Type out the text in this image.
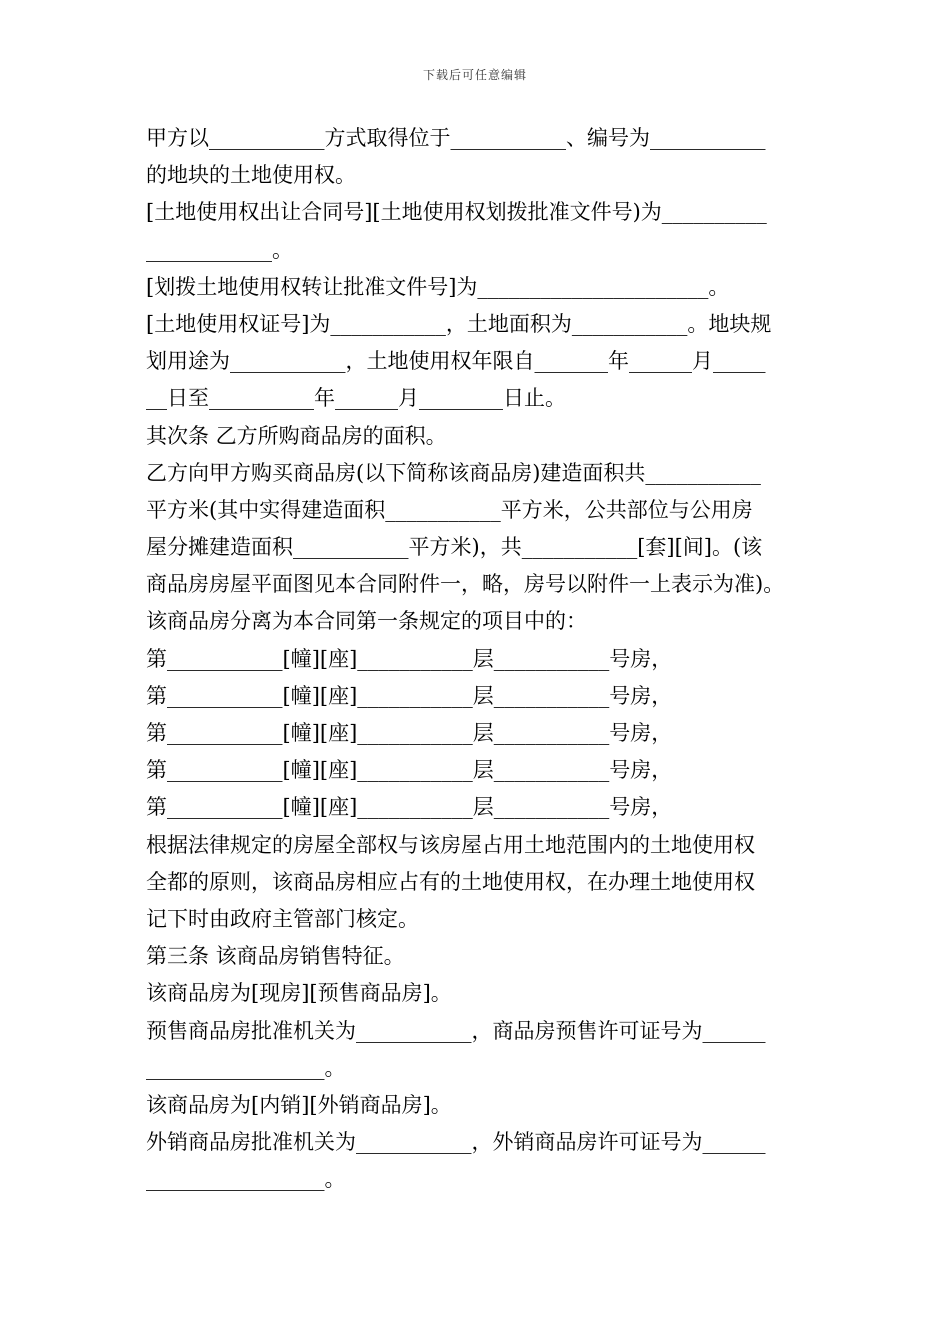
下载后可任意编辑
甲方以___________方式取得位于___________、编号为___________
的地块的土地使用权。
[土地使用权出让合同号][土地使用权划拨批准文件号)为__________
____________。
[划拨土地使用权转让批准文件号]为______________________。
[土地使用权证号]为___________，土地面积为___________。地块规
划用途为___________，土地使用权年限自_______年______月_____
__日至__________年______月________日止。
其次条 乙方所购商品房的面积。
乙方向甲方购买商品房(以下简称该商品房)建造面积共___________
平方米(其中实得建造面积___________平方米，公共部位与公用房
屋分摊建造面积___________平方米)，共___________[套][间]。(该
商品房房屋平面图见本合同附件一，略，房号以附件一上表示为准)。
该商品房分离为本合同第一条规定的项目中的：
第___________[幢][座]___________层___________号房，
第___________[幢][座]___________层___________号房，
第___________[幢][座]___________层___________号房，
第___________[幢][座]___________层___________号房，
第___________[幢][座]___________层___________号房，
根据法律规定的房屋全部权与该房屋占用土地范围内的土地使用权
全都的原则，该商品房相应占有的土地使用权，在办理土地使用权
记下时由政府主管部门核定。
第三条 该商品房销售特征。
该商品房为[现房][预售商品房]。
预售商品房批准机关为___________，商品房预售许可证号为______
_________________。
该商品房为[内销][外销商品房]。
外销商品房批准机关为___________，外销商品房许可证号为______
_________________。
